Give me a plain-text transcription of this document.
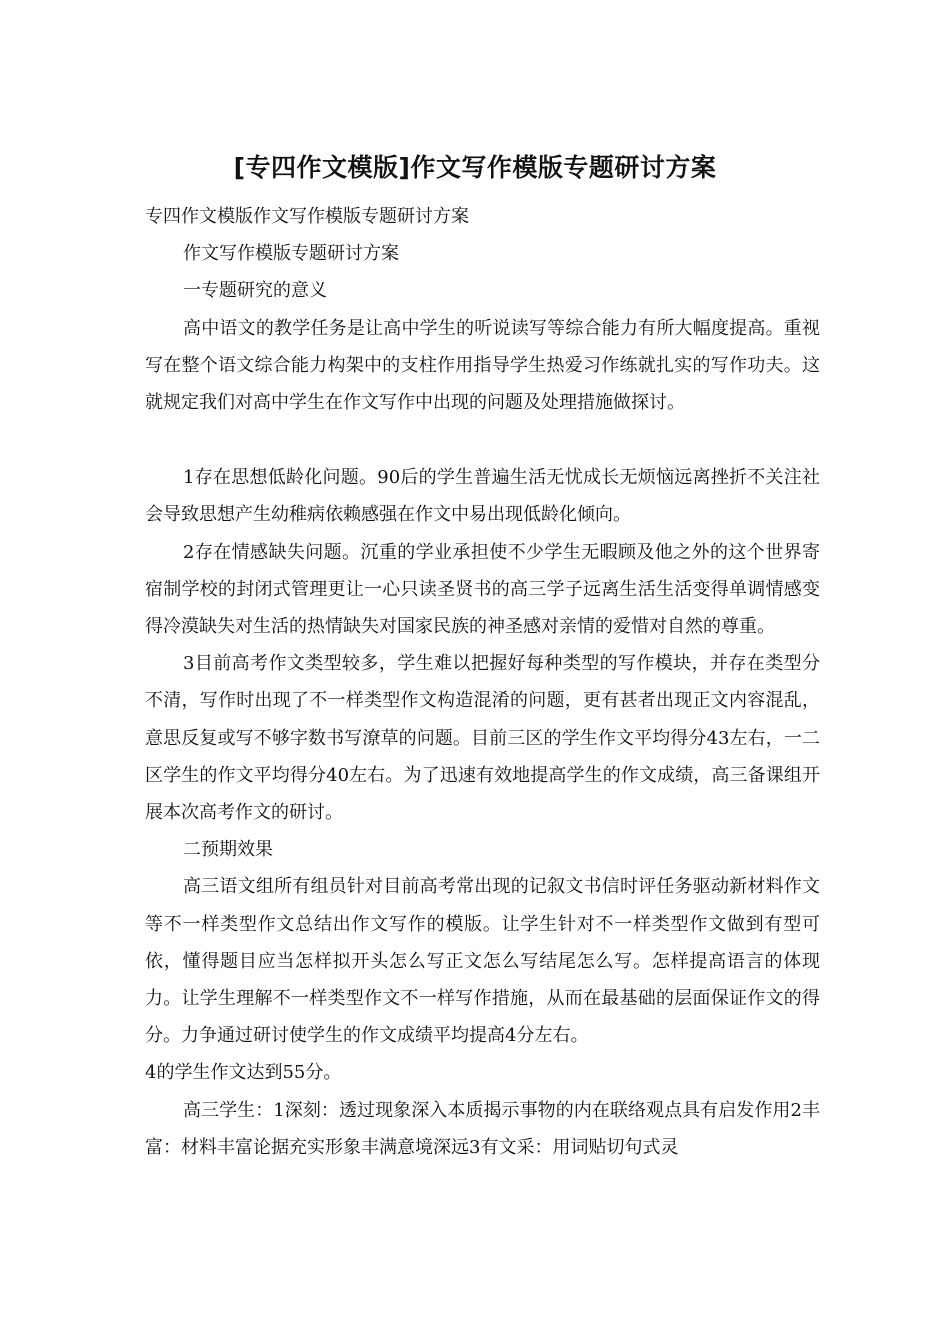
[专四作文模版]作文写作模版专题研讨方案

专四作文模版作文写作模版专题研讨方案

作文写作模版专题研讨方案

一专题研究的意义

高中语文的教学任务是让高中学生的听说读写等综合能力有所大幅度提高。重视写在整个语文综合能力构架中的支柱作用指导学生热爱习作练就扎实的写作功夫。这就规定我们对高中学生在作文写作中出现的问题及处理措施做探讨。

1存在思想低龄化问题。90后的学生普遍生活无忧成长无烦恼远离挫折不关注社会导致思想产生幼稚病依赖感强在作文中易出现低龄化倾向。

2存在情感缺失问题。沉重的学业承担使不少学生无暇顾及他之外的这个世界寄宿制学校的封闭式管理更让一心只读圣贤书的高三学子远离生活生活变得单调情感变得冷漠缺失对生活的热情缺失对国家民族的神圣感对亲情的爱惜对自然的尊重。

3目前高考作文类型较多，学生难以把握好每种类型的写作模块，并存在类型分不清，写作时出现了不一样类型作文构造混淆的问题，更有甚者出现正文内容混乱，意思反复或写不够字数书写潦草的问题。目前三区的学生作文平均得分43左右，一二区学生的作文平均得分40左右。为了迅速有效地提高学生的作文成绩，高三备课组开展本次高考作文的研讨。

二预期效果

高三语文组所有组员针对目前高考常出现的记叙文书信时评任务驱动新材料作文等不一样类型作文总结出作文写作的模版。让学生针对不一样类型作文做到有型可依，懂得题目应当怎样拟开头怎么写正文怎么写结尾怎么写。怎样提高语言的体现力。让学生理解不一样类型作文不一样写作措施，从而在最基础的层面保证作文的得分。力争通过研讨使学生的作文成绩平均提高4分左右。

4的学生作文达到55分。

高三学生：1深刻：透过现象深入本质揭示事物的内在联络观点具有启发作用2丰富：材料丰富论据充实形象丰满意境深远3有文采：用词贴切句式灵
